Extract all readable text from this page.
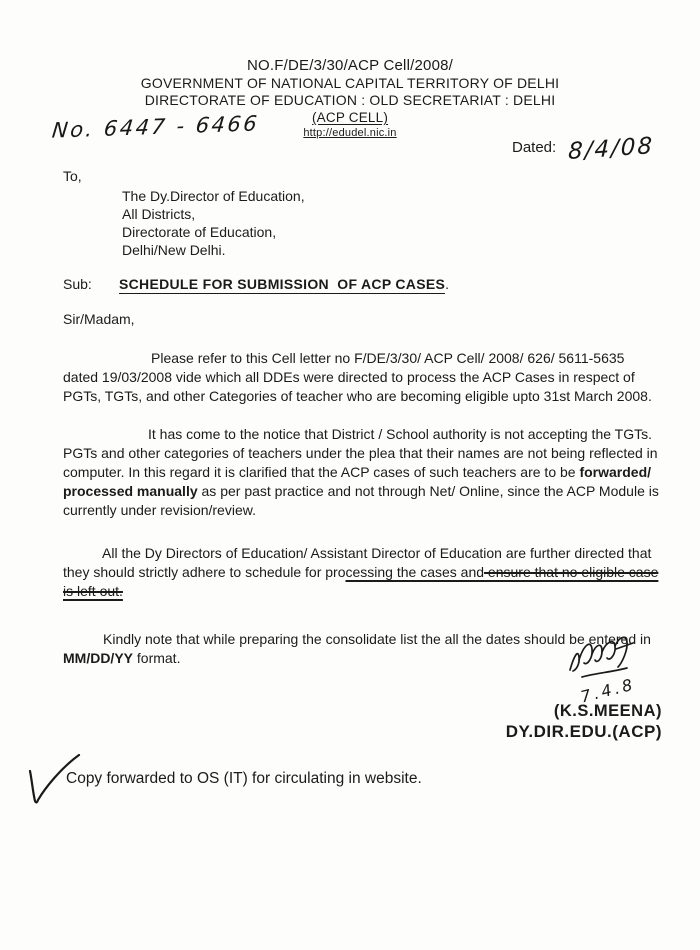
NO.F/DE/3/30/ACP Cell/2008/
GOVERNMENT OF NATIONAL CAPITAL TERRITORY OF DELHI
DIRECTORATE OF EDUCATION : OLD SECRETARIAT : DELHI
(ACP CELL)
http://edudel.nic.in
No. 6447 - 6466
Dated: 8/4/08
To,
The Dy.Director of Education,
All Districts,
Directorate of Education,
Delhi/New Delhi.
Sub: SCHEDULE FOR SUBMISSION  OF ACP CASES.
Sir/Madam,

Please refer to this Cell letter no F/DE/3/30/ ACP Cell/ 2008/ 626/ 5611-5635 dated 19/03/2008 vide which all DDEs were directed to process the ACP Cases in respect of PGTs, TGTs, and other Categories of teacher who are becoming eligible upto 31st March 2008.

It has come to the notice that District / School authority is not accepting the TGTs. PGTs and other categories of teachers under the plea that their names are not being reflected in computer. In this regard it is clarified that the ACP cases of such teachers are to be forwarded/ processed manually as per past practice and not through Net/ Online, since the ACP Module is currently under revision/review.

All the Dy Directors of Education/ Assistant Director of Education are further directed that they should strictly adhere to schedule for processing the cases and ensure that no eligible case is left out.

Kindly note that while preparing the consolidate list the all the dates should be entered in MM/DD/YY format.

7.4.8
(K.S.MEENA)
DY.DIR.EDU.(ACP)
Copy forwarded to OS (IT) for circulating in website.
